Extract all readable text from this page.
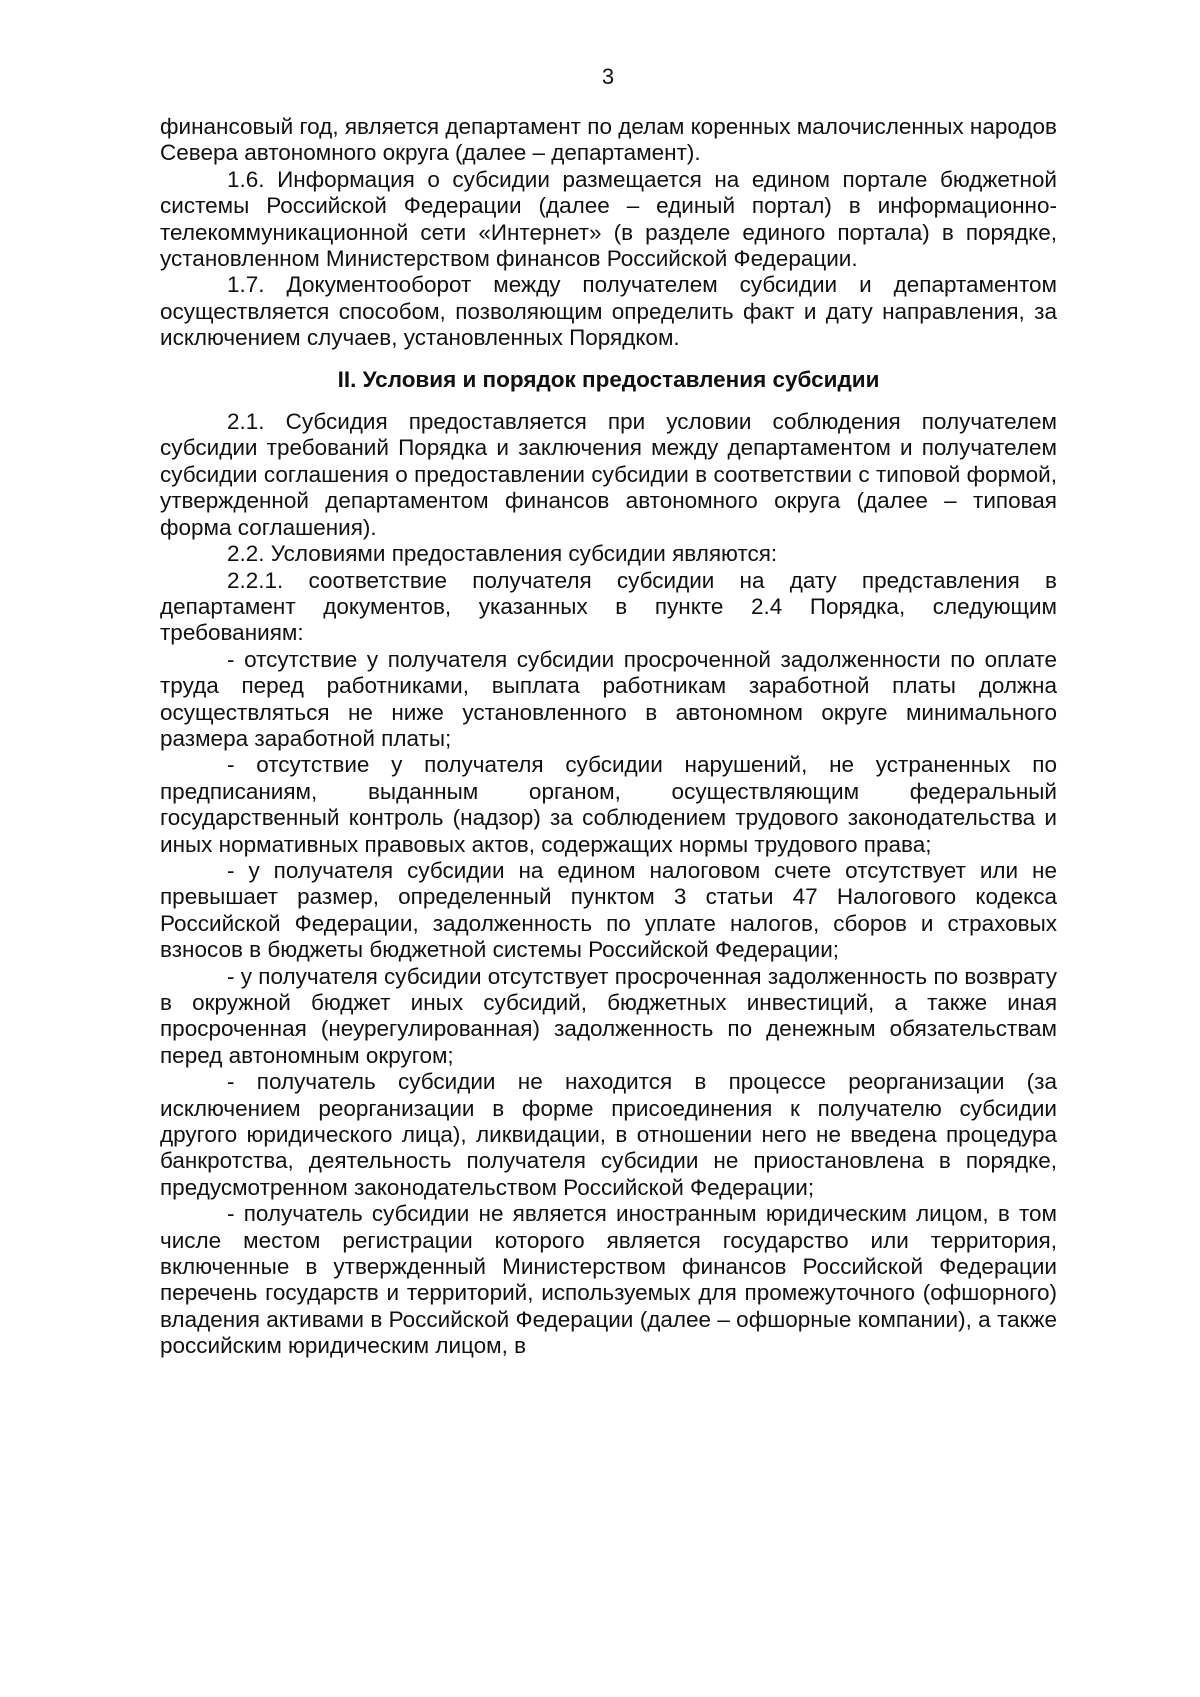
3

финансовый год, является департамент по делам коренных малочисленных народов Севера автономного округа (далее – департамент).

1.6. Информация о субсидии размещается на едином портале бюджетной системы Российской Федерации (далее – единый портал) в информационно-телекоммуникационной сети «Интернет» (в разделе единого портала) в порядке, установленном Министерством финансов Российской Федерации.

1.7. Документооборот между получателем субсидии и департаментом осуществляется способом, позволяющим определить факт и дату направления, за исключением случаев, установленных Порядком.

II. Условия и порядок предоставления субсидии

2.1. Субсидия предоставляется при условии соблюдения получателем субсидии требований Порядка и заключения между департаментом и получателем субсидии соглашения о предоставлении субсидии в соответствии с типовой формой, утвержденной департаментом финансов автономного округа (далее – типовая форма соглашения).

2.2. Условиями предоставления субсидии являются:

2.2.1. соответствие получателя субсидии на дату представления в департамент документов, указанных в пункте 2.4 Порядка, следующим требованиям:

- отсутствие у получателя субсидии просроченной задолженности по оплате труда перед работниками, выплата работникам заработной платы должна осуществляться не ниже установленного в автономном округе минимального размера заработной платы;

- отсутствие у получателя субсидии нарушений, не устраненных по предписаниям, выданным органом, осуществляющим федеральный государственный контроль (надзор) за соблюдением трудового законодательства и иных нормативных правовых актов, содержащих нормы трудового права;

- у получателя субсидии на едином налоговом счете отсутствует или не превышает размер, определенный пунктом 3 статьи 47 Налогового кодекса Российской Федерации, задолженность по уплате налогов, сборов и страховых взносов в бюджеты бюджетной системы Российской Федерации;

- у получателя субсидии отсутствует просроченная задолженность по возврату в окружной бюджет иных субсидий, бюджетных инвестиций, а также иная просроченная (неурегулированная) задолженность по денежным обязательствам перед автономным округом;

- получатель субсидии не находится в процессе реорганизации (за исключением реорганизации в форме присоединения к получателю субсидии другого юридического лица), ликвидации, в отношении него не введена процедура банкротства, деятельность получателя субсидии не приостановлена в порядке, предусмотренном законодательством Российской Федерации;

- получатель субсидии не является иностранным юридическим лицом, в том числе местом регистрации которого является государство или территория, включенные в утвержденный Министерством финансов Российской Федерации перечень государств и территорий, используемых для промежуточного (офшорного) владения активами в Российской Федерации (далее – офшорные компании), а также российским юридическим лицом, в
